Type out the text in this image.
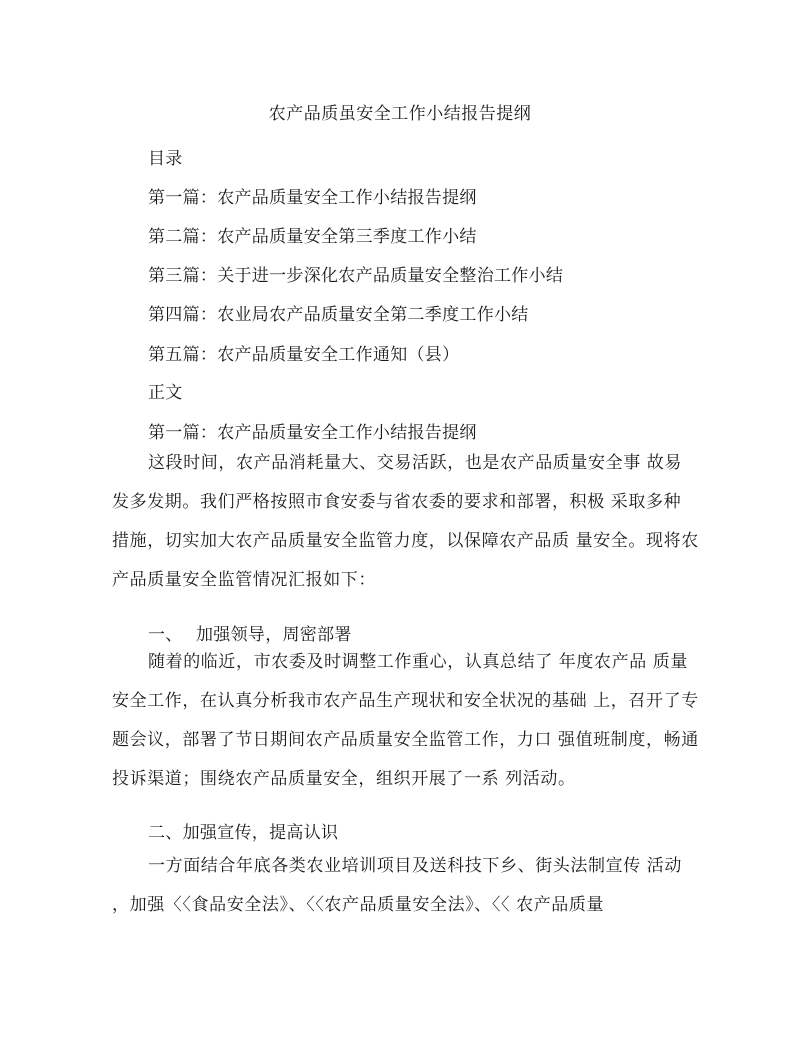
农产品质虽安全工作小结报告提纲
目录
第一篇：农产品质量安全工作小结报告提纲
第二篇：农产品质量安全第三季度工作小结
第三篇：关于进一步深化农产品质量安全整治工作小结
第四篇：农业局农产品质量安全第二季度工作小结
第五篇：农产品质量安全工作通知（县）
正文
第一篇：农产品质量安全工作小结报告提纲
这段时间，农产品消耗量大、交易活跃，也是农产品质量安全事 故易
发多发期。我们严格按照市食安委与省农委的要求和部署，积极 采取多种
措施，切实加大农产品质量安全监管力度，以保障农产品质 量安全。现将农
产品质量安全监管情况汇报如下：
一、 加强领导，周密部署
随着的临近，市农委及时调整工作重心，认真总结了 年度农产品 质量
安全工作，在认真分析我市农产品生产现状和安全状况的基础 上，召开了专
题会议，部署了节日期间农产品质量安全监管工作，力口 强值班制度，畅通
投诉渠道；围绕农产品质量安全，组织开展了一系 列活动。
二、加强宣传，提高认识
一方面结合年底各类农业培训项目及送科技下乡、街头法制宣传 活动
，加强〈〈食品安全法》、〈〈农产品质量安全法》、〈〈 农产品质量
